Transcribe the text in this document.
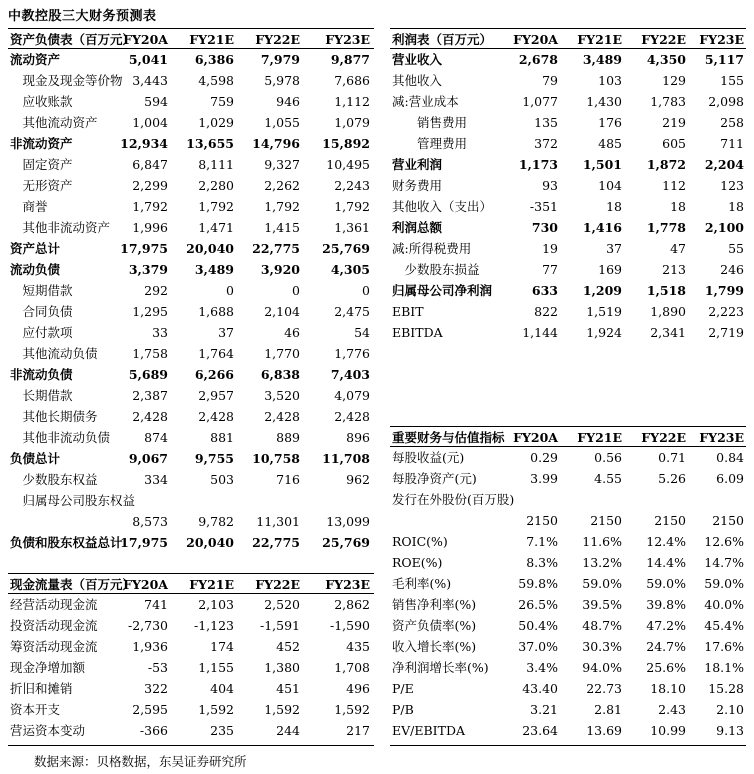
中教控股三大财务预测表
资产负债表（百万元）
FY20A FY21E FY22E FY23E
流动资产	5,041 6,386 7,979 9,877
　现金及现金等价物 3,443 4,598 5,978	7,686
　应收账款	594	759	946	1,112
　其他流动资产	1,004 1,029 1,055	1,079
非流动资产	12,934 13,655 14,796 15,892
　固定资产	6,847 8,111 9,327 10,495
　无形资产	2,299 2,280 2,262	2,243
　商誉	1,792 1,792 1,792	1,792
　其他非流动资产 1,996 1,471 1,415	1,361
资产总计	17,975 20,040 22,775 25,769
流动负债	3,379 3,489 3,920 4,305
　短期借款	292	0	0	0
　合同负债	1,295 1,688 2,104	2,475
　应付款项	33	37	46	54
　其他流动负债	1,758 1,764 1,770	1,776
非流动负债	5,689 6,266 6,838 7,403
　长期借款	2,387 2,957 3,520	4,079
　其他长期债务	2,428 2,428 2,428	2,428
　其他非流动负债	874	881	889	896
负债总计	9,067 9,755 10,758 11,708
　少数股东权益	334	503	716	962
　归属母公司股东权益
8,573 9,782 11,301 13,099
负债和股东权益总计
17,975 20,040 22,775 25,769
利润表（百万元） FY20A FY21E FY22E FY23E
营业收入	2,678 3,489 4,350 5,117
其他收入	79	103	129	155
减:营业成本	1,077 1,430 1,783 2,098
　　销售费用	135	176	219	258
　　管理费用	372	485	605	711
营业利润	1,173 1,501 1,872 2,204
财务费用	93	104	112	123
其他收入（支出）	-351	18	18	18
利润总额	730 1,416 1,778 2,100
减:所得税费用	19	37	47	55
　少数股东损益	77	169	213	246
归属母公司净利润	633 1,209 1,518 1,799
EBIT	822 1,519 1,890 2,223
EBITDA	1,144 1,924 2,341 2,719
现金流量表（百万元）
FY20A FY21E FY22E FY23E
经营活动现金流	741 2,103 2,520	2,862
投资活动现金流 -2,730 -1,123 -1,591 -1,590
筹资活动现金流	1,936	174	452	435
现金净增加额	-53 1,155 1,380	1,708
折旧和摊销	322	404	451	496
资本开支	2,595 1,592 1,592	1,592
营运资本变动	-366	235	244	217
重要财务与估值指标 FY20A FY21E FY22E FY23E
每股收益(元)	0.29	0.56	0.71 0.84
每股净资产(元)	3.99	4.55	5.26 6.09
发行在外股份(百万股)
2150	2150	2150 2150
ROIC(%)	7.1% 11.6% 12.4% 12.6%
ROE(%)	8.3% 13.2% 14.4% 14.7%
毛利率(%)	59.8% 59.0% 59.0% 59.0%
销售净利率(%)	26.5% 39.5% 39.8% 40.0%
资产负债率(%)	50.4% 48.7% 47.2% 45.4%
收入增长率(%)	37.0% 30.3% 24.7% 17.6%
净利润增长率(%)	3.4% 94.0% 25.6% 18.1%
P/E	43.40 22.73 18.10 15.28
P/B	3.21	2.81	2.43 2.10
EV/EBITDA	23.64 13.69 10.99 9.13
数据来源：贝格数据，东吴证券研究所
